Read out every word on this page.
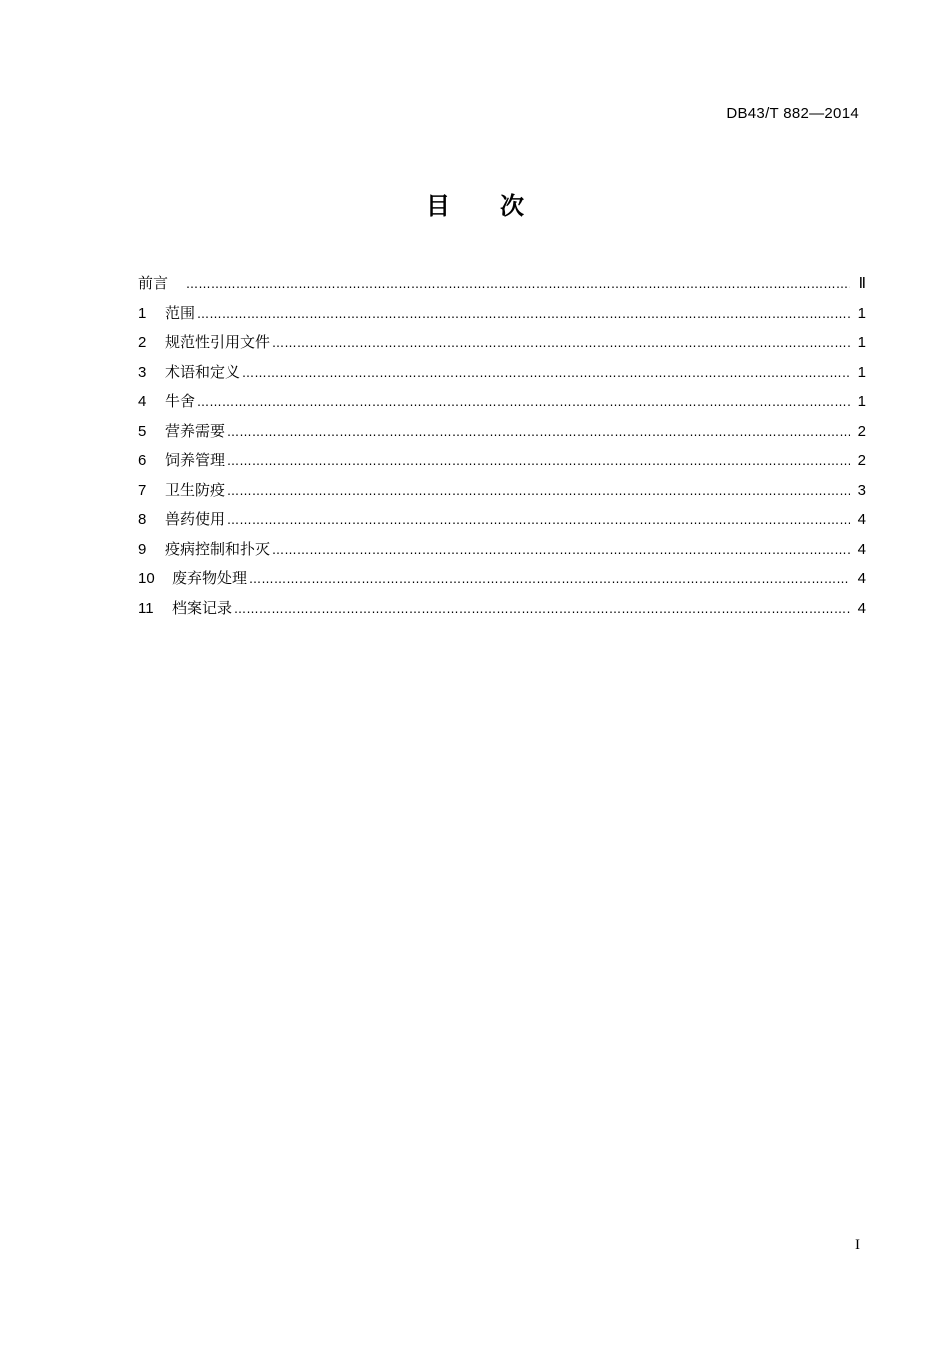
DB43/T 882—2014
目 次
前言 …………………………………………………………………………………………………………………………………………………………………………………………………………………………	Ⅱ
1	范围 …………………………………………………………………………………………………………………………………………………………………………………………………………………………	1
2	规范性引用文件 …………………………………………………………………………………………………………………………………………………………………………………………………………………………	1
3	术语和定义 …………………………………………………………………………………………………………………………………………………………………………………………………………………………	1
4	牛舍 …………………………………………………………………………………………………………………………………………………………………………………………………………………………	1
5	营养需要 …………………………………………………………………………………………………………………………………………………………………………………………………………………………	2
6	饲养管理 …………………………………………………………………………………………………………………………………………………………………………………………………………………………	2
7	卫生防疫 …………………………………………………………………………………………………………………………………………………………………………………………………………………………	3
8	兽药使用 …………………………………………………………………………………………………………………………………………………………………………………………………………………………	4
9	疫病控制和扑灭 …………………………………………………………………………………………………………………………………………………………………………………………………………………………	4
10	废弃物处理 …………………………………………………………………………………………………………………………………………………………………………………………………………………………	4
11	档案记录 …………………………………………………………………………………………………………………………………………………………………………………………………………………………	4
I
